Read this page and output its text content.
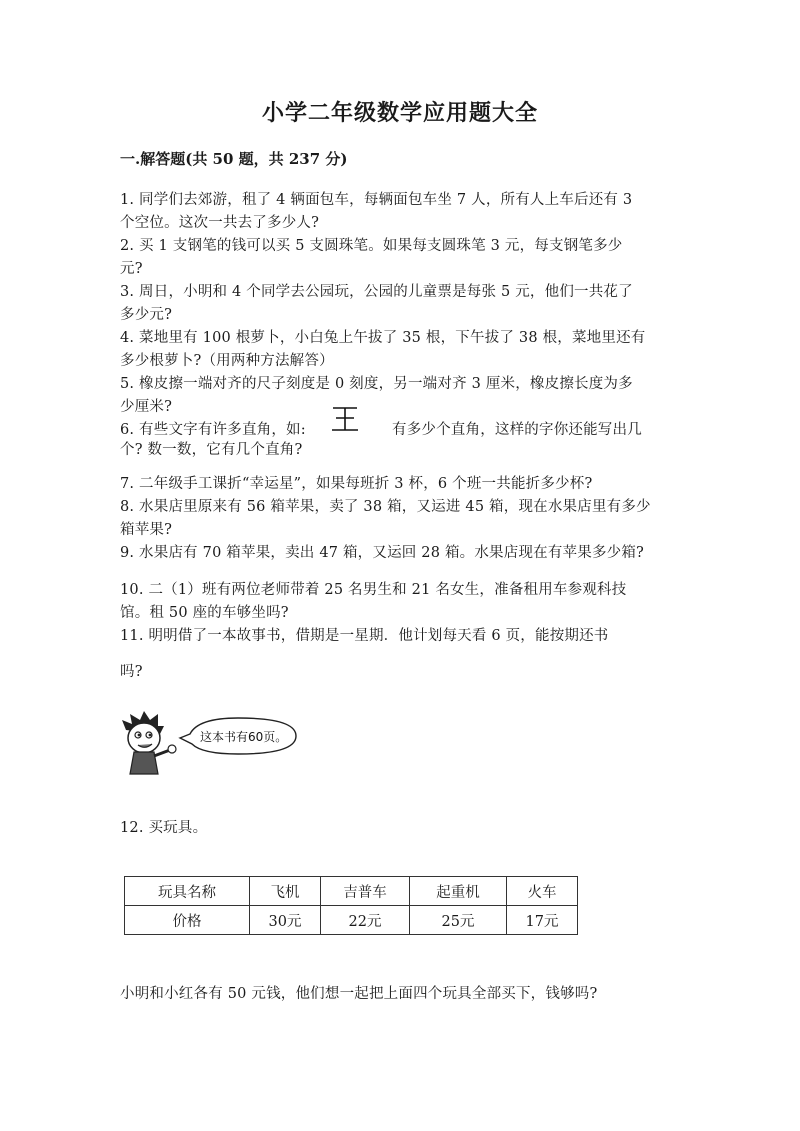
小学二年级数学应用题大全
一.解答题(共 50 题，共 237 分)
1. 同学们去郊游，租了 4 辆面包车，每辆面包车坐 7 人，所有人上车后还有 3
个空位。这次一共去了多少人?
2. 买 1 支钢笔的钱可以买 5 支圆珠笔。如果每支圆珠笔 3 元，每支钢笔多少
元?
3. 周日，小明和 4 个同学去公园玩，公园的儿童票是每张 5 元，他们一共花了
多少元?
4. 菜地里有 100 根萝卜，小白兔上午拔了 35 根，下午拔了 38 根，菜地里还有
多少根萝卜?（用两种方法解答）
5. 橡皮擦一端对齐的尺子刻度是 0 刻度，另一端对齐 3 厘米，橡皮擦长度为多
少厘米?
6. 有些文字有许多直角，如:
王
有多少个直角，这样的字你还能写出几
个? 数一数，它有几个直角?
7. 二年级手工课折“幸运星”，如果每班折 3 杯，6 个班一共能折多少杯?
8. 水果店里原来有 56 箱苹果，卖了 38 箱，又运进 45 箱，现在水果店里有多少
箱苹果?
9. 水果店有 70 箱苹果，卖出 47 箱，又运回 28 箱。水果店现在有苹果多少箱?
10. 二（1）班有两位老师带着 25 名男生和 21 名女生，准备租用车参观科技
馆。租 50 座的车够坐吗?
11. 明明借了一本故事书，借期是一星期．他计划每天看 6 页，能按期还书
吗?
这本书有60页。
12. 买玩具。
玩具名称	飞机	吉普车	起重机	火车
价格	30元	22元	25元	17元
小明和小红各有 50 元钱，他们想一起把上面四个玩具全部买下，钱够吗?
